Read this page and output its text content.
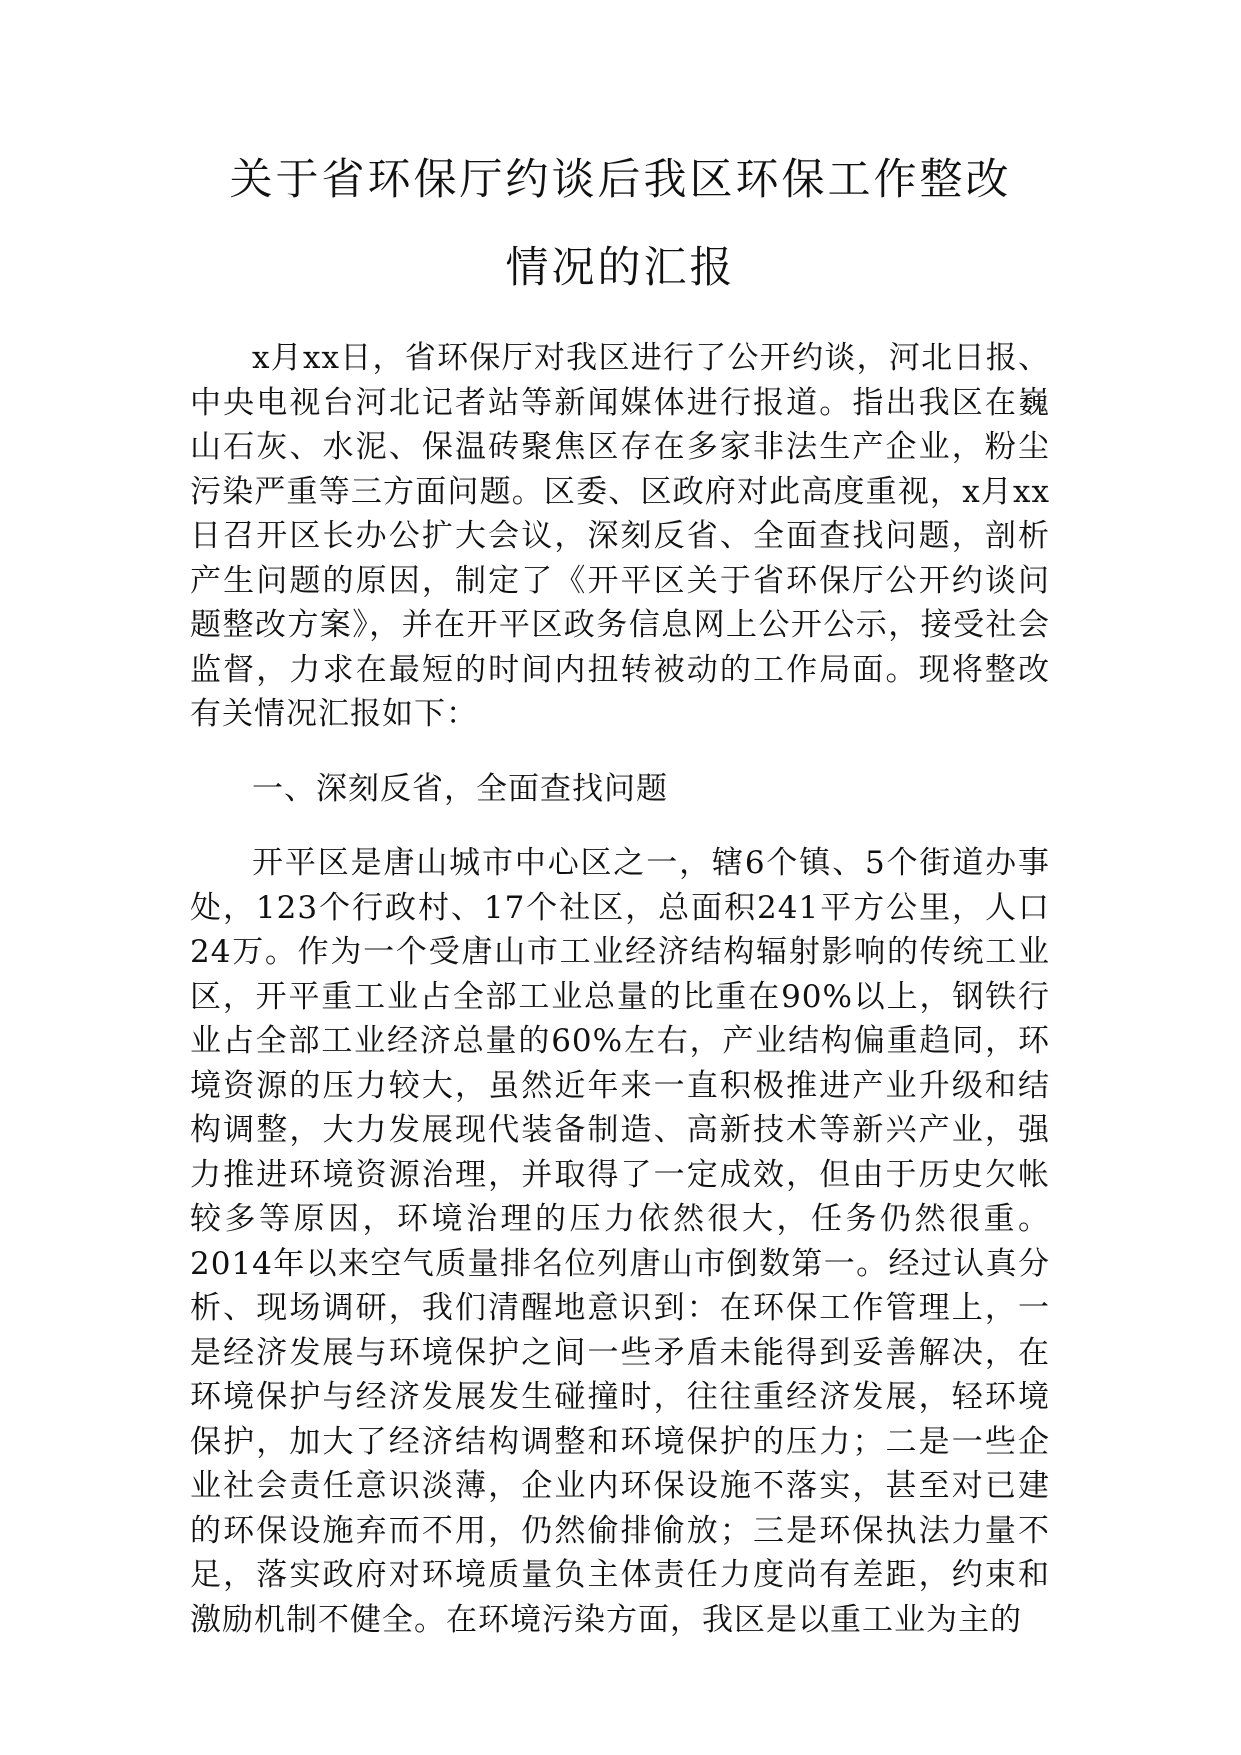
关于省环保厅约谈后我区环保工作整改
情况的汇报

x月xx日，省环保厅对我区进行了公开约谈，河北日报、中央电视台河北记者站等新闻媒体进行报道。指出我区在巍山石灰、水泥、保温砖聚焦区存在多家非法生产企业，粉尘污染严重等三方面问题。区委、区政府对此高度重视，x月xx日召开区长办公扩大会议，深刻反省、全面查找问题，剖析产生问题的原因，制定了《开平区关于省环保厅公开约谈问题整改方案》，并在开平区政务信息网上公开公示，接受社会监督，力求在最短的时间内扭转被动的工作局面。现将整改有关情况汇报如下：

一、深刻反省，全面查找问题

开平区是唐山城市中心区之一，辖6个镇、5个街道办事处，123个行政村、17个社区，总面积241平方公里，人口24万。作为一个受唐山市工业经济结构辐射影响的传统工业区，开平重工业占全部工业总量的比重在90%以上，钢铁行业占全部工业经济总量的60%左右，产业结构偏重趋同，环境资源的压力较大，虽然近年来一直积极推进产业升级和结构调整，大力发展现代装备制造、高新技术等新兴产业，强力推进环境资源治理，并取得了一定成效，但由于历史欠帐较多等原因，环境治理的压力依然很大，任务仍然很重。2014年以来空气质量排名位列唐山市倒数第一。经过认真分析、现场调研，我们清醒地意识到：在环保工作管理上，一是经济发展与环境保护之间一些矛盾未能得到妥善解决，在环境保护与经济发展发生碰撞时，往往重经济发展，轻环境保护，加大了经济结构调整和环境保护的压力；二是一些企业社会责任意识淡薄，企业内环保设施不落实，甚至对已建的环保设施弃而不用，仍然偷排偷放；三是环保执法力量不足，落实政府对环境质量负主体责任力度尚有差距，约束和激励机制不健全。在环境污染方面，我区是以重工业为主的
